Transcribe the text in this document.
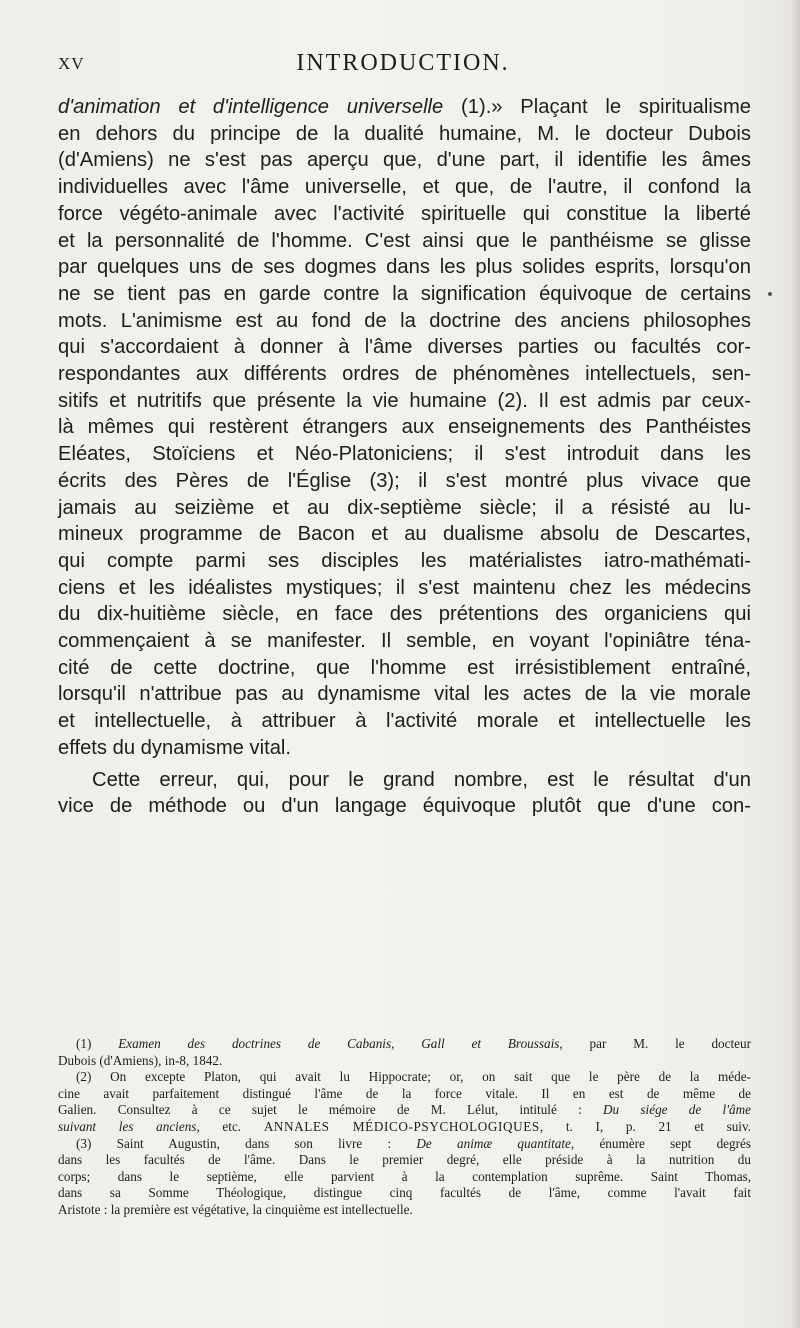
XV	INTRODUCTION.
d'animation et d'intelligence universelle (1).» Plaçant le spiritualisme
en dehors du principe de la dualité humaine, M. le docteur Dubois
(d'Amiens) ne s'est pas aperçu que, d'une part, il identifie les âmes
individuelles avec l'âme universelle, et que, de l'autre, il confond la
force végéto-animale avec l'activité spirituelle qui constitue la liberté
et la personnalité de l'homme. C'est ainsi que le panthéisme se glisse
par quelques uns de ses dogmes dans les plus solides esprits, lorsqu'on
ne se tient pas en garde contre la signification équivoque de certains
mots. L'animisme est au fond de la doctrine des anciens philosophes
qui s'accordaient à donner à l'âme diverses parties ou facultés cor-
respondantes aux différents ordres de phénomènes intellectuels, sen-
sitifs et nutritifs que présente la vie humaine (2). Il est admis par ceux-
là mêmes qui restèrent étrangers aux enseignements des Panthéistes
Eléates, Stoïciens et Néo-Platoniciens; il s'est introduit dans les
écrits des Pères de l'Église (3); il s'est montré plus vivace que
jamais au seizième et au dix-septième siècle; il a résisté au lu-
mineux programme de Bacon et au dualisme absolu de Descartes,
qui compte parmi ses disciples les matérialistes iatro-mathémati-
ciens et les idéalistes mystiques; il s'est maintenu chez les médecins
du dix-huitième siècle, en face des prétentions des organiciens qui
commençaient à se manifester. Il semble, en voyant l'opiniâtre téna-
cité de cette doctrine, que l'homme est irrésistiblement entraîné,
lorsqu'il n'attribue pas au dynamisme vital les actes de la vie morale
et intellectuelle, à attribuer à l'activité morale et intellectuelle les
effets du dynamisme vital.
Cette erreur, qui, pour le grand nombre, est le résultat d'un
vice de méthode ou d'un langage équivoque plutôt que d'une con-
(1) Examen des doctrines de Cabanis, Gall et Broussais, par M. le docteur
Dubois (d'Amiens), in-8, 1842.
(2) On excepte Platon, qui avait lu Hippocrate; or, on sait que le père de la méde-
cine avait parfaitement distingué l'âme de la force vitale. Il en est de même de
Galien. Consultez à ce sujet le mémoire de M. Lélut, intitulé : Du siége de l'âme
suivant les anciens, etc. ANNALES MÉDICO-PSYCHOLOGIQUES, t. I, p. 21 et suiv.
(3) Saint Augustin, dans son livre : De animæ quantitate, énumère sept degrés
dans les facultés de l'âme. Dans le premier degré, elle préside à la nutrition du
corps; dans le septième, elle parvient à la contemplation suprême. Saint Thomas,
dans sa Somme Théologique, distingue cinq facultés de l'âme, comme l'avait fait
Aristote : la première est végétative, la cinquième est intellectuelle.
